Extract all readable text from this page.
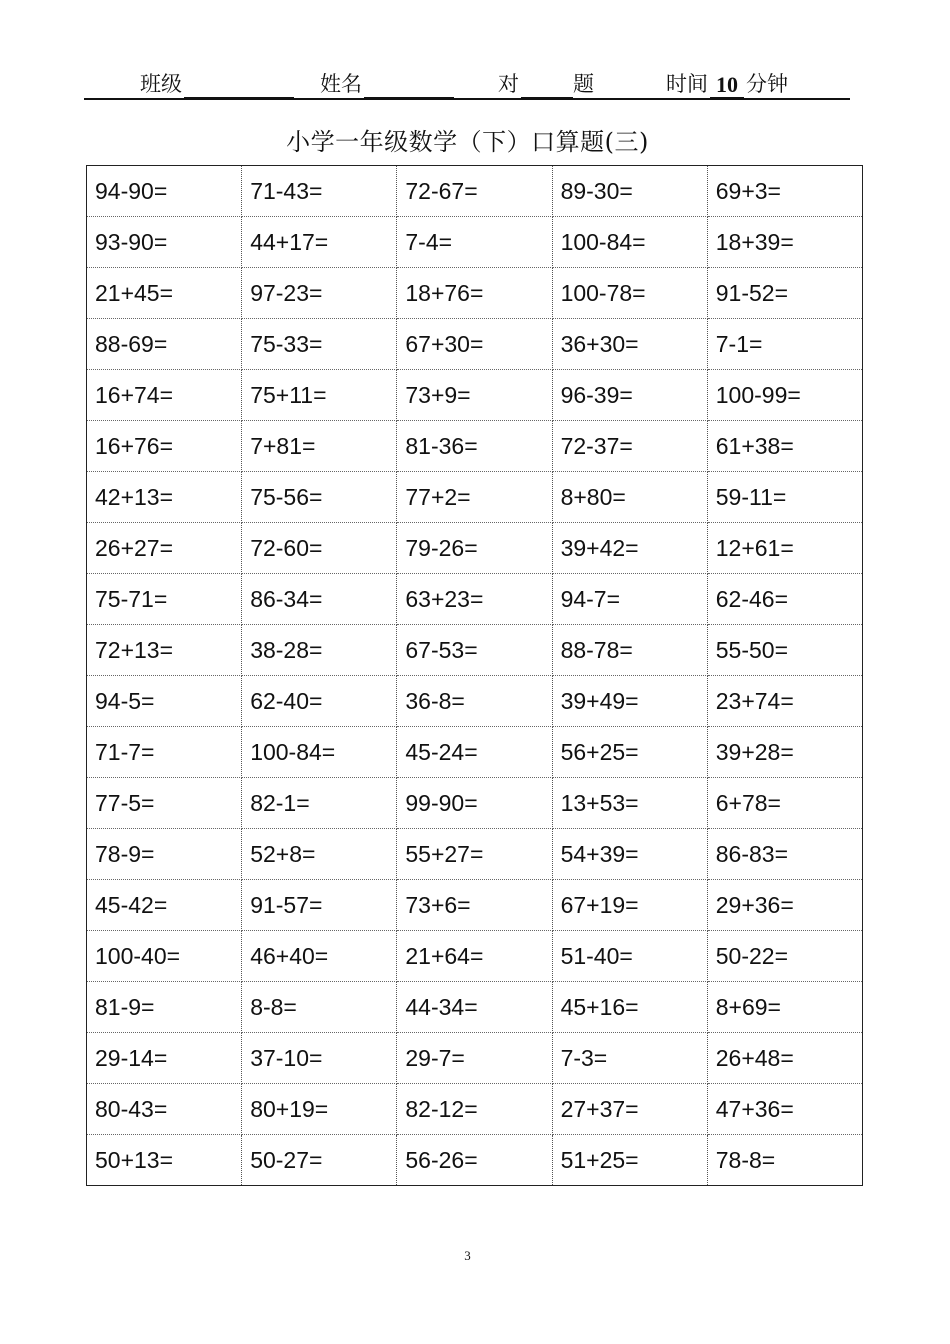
班级	姓名	对	题	时间 10 分钟
小学一年级数学（下）口算题(三)
94-90=	71-43=	72-67=	89-30=	69+3=
93-90=	44+17=	7-4=	100-84=	18+39=
21+45=	97-23=	18+76=	100-78=	91-52=
88-69=	75-33=	67+30=	36+30=	7-1=
16+74=	75+11=	73+9=	96-39=	100-99=
16+76=	7+81=	81-36=	72-37=	61+38=
42+13=	75-56=	77+2=	8+80=	59-11=
26+27=	72-60=	79-26=	39+42=	12+61=
75-71=	86-34=	63+23=	94-7=	62-46=
72+13=	38-28=	67-53=	88-78=	55-50=
94-5=	62-40=	36-8=	39+49=	23+74=
71-7=	100-84=	45-24=	56+25=	39+28=
77-5=	82-1=	99-90=	13+53=	6+78=
78-9=	52+8=	55+27=	54+39=	86-83=
45-42=	91-57=	73+6=	67+19=	29+36=
100-40=	46+40=	21+64=	51-40=	50-22=
81-9=	8-8=	44-34=	45+16=	8+69=
29-14=	37-10=	29-7=	7-3=	26+48=
80-43=	80+19=	82-12=	27+37=	47+36=
50+13=	50-27=	56-26=	51+25=	78-8=
3
